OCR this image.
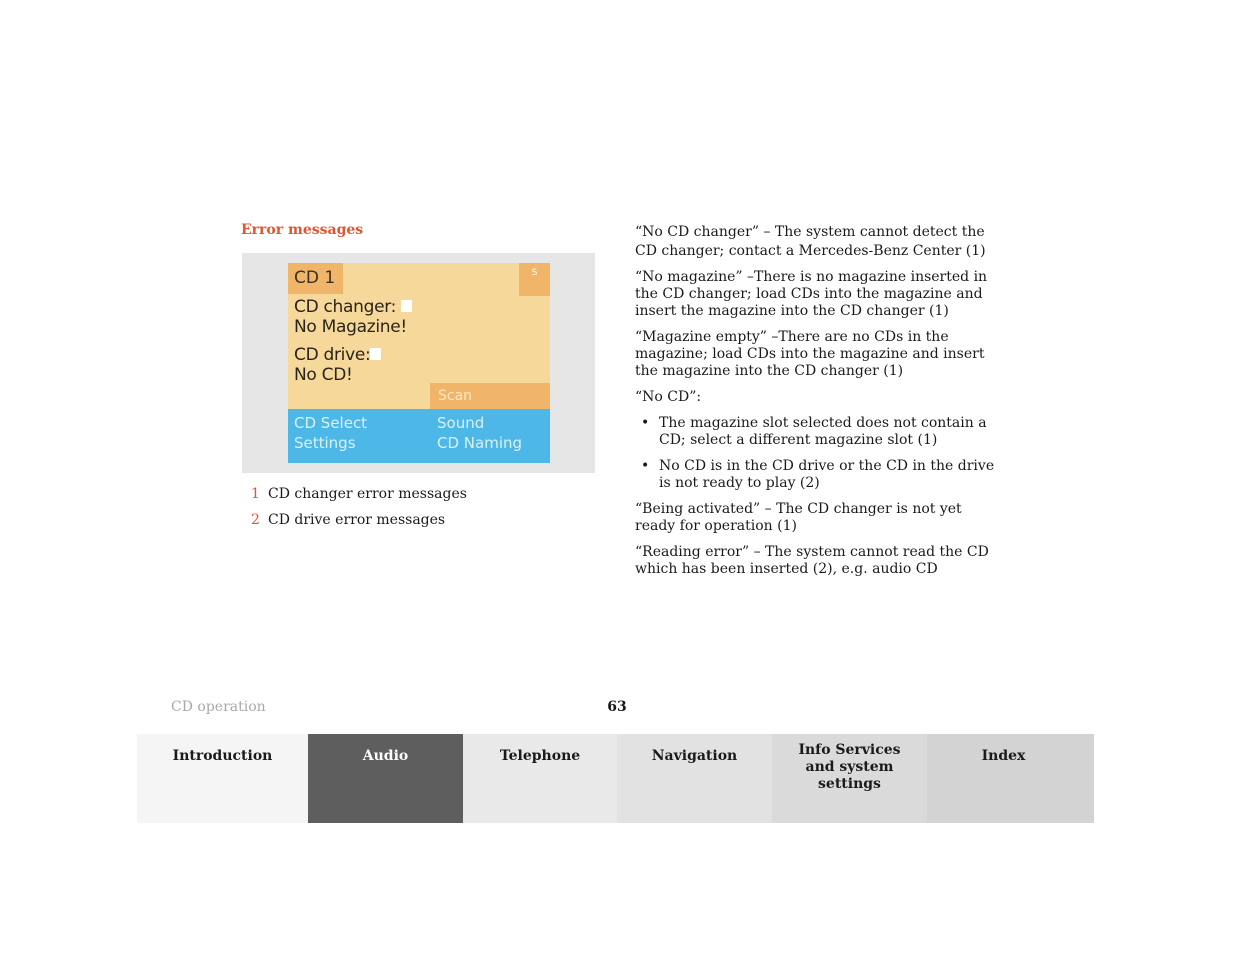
Error messages
CD 1	S
CD changer:
No Magazine!
CD drive:
No CD!
Scan
CD Select
Settings
Sound
CD Naming
1 CD changer error messages
2 CD drive error messages

“No CD changer” – The system cannot detect the CD changer; contact a Mercedes-Benz Center (1)

“No magazine” –There is no magazine inserted in the CD changer; load CDs into the magazine and insert the magazine into the CD changer (1)

“Magazine empty” –There are no CDs in the magazine; load CDs into the magazine and insert the magazine into the CD changer (1)

“No CD”:

• The magazine slot selected does not contain a CD; select a different magazine slot (1)

• No CD is in the CD drive or the CD in the drive is not ready to play (2)

“Being activated” – The CD changer is not yet ready for operation (1)

“Reading error” – The system cannot read the CD which has been inserted (2), e.g. audio CD

CD operation	63
Introduction	Audio	Telephone	Navigation	Info Services and system settings
Index
